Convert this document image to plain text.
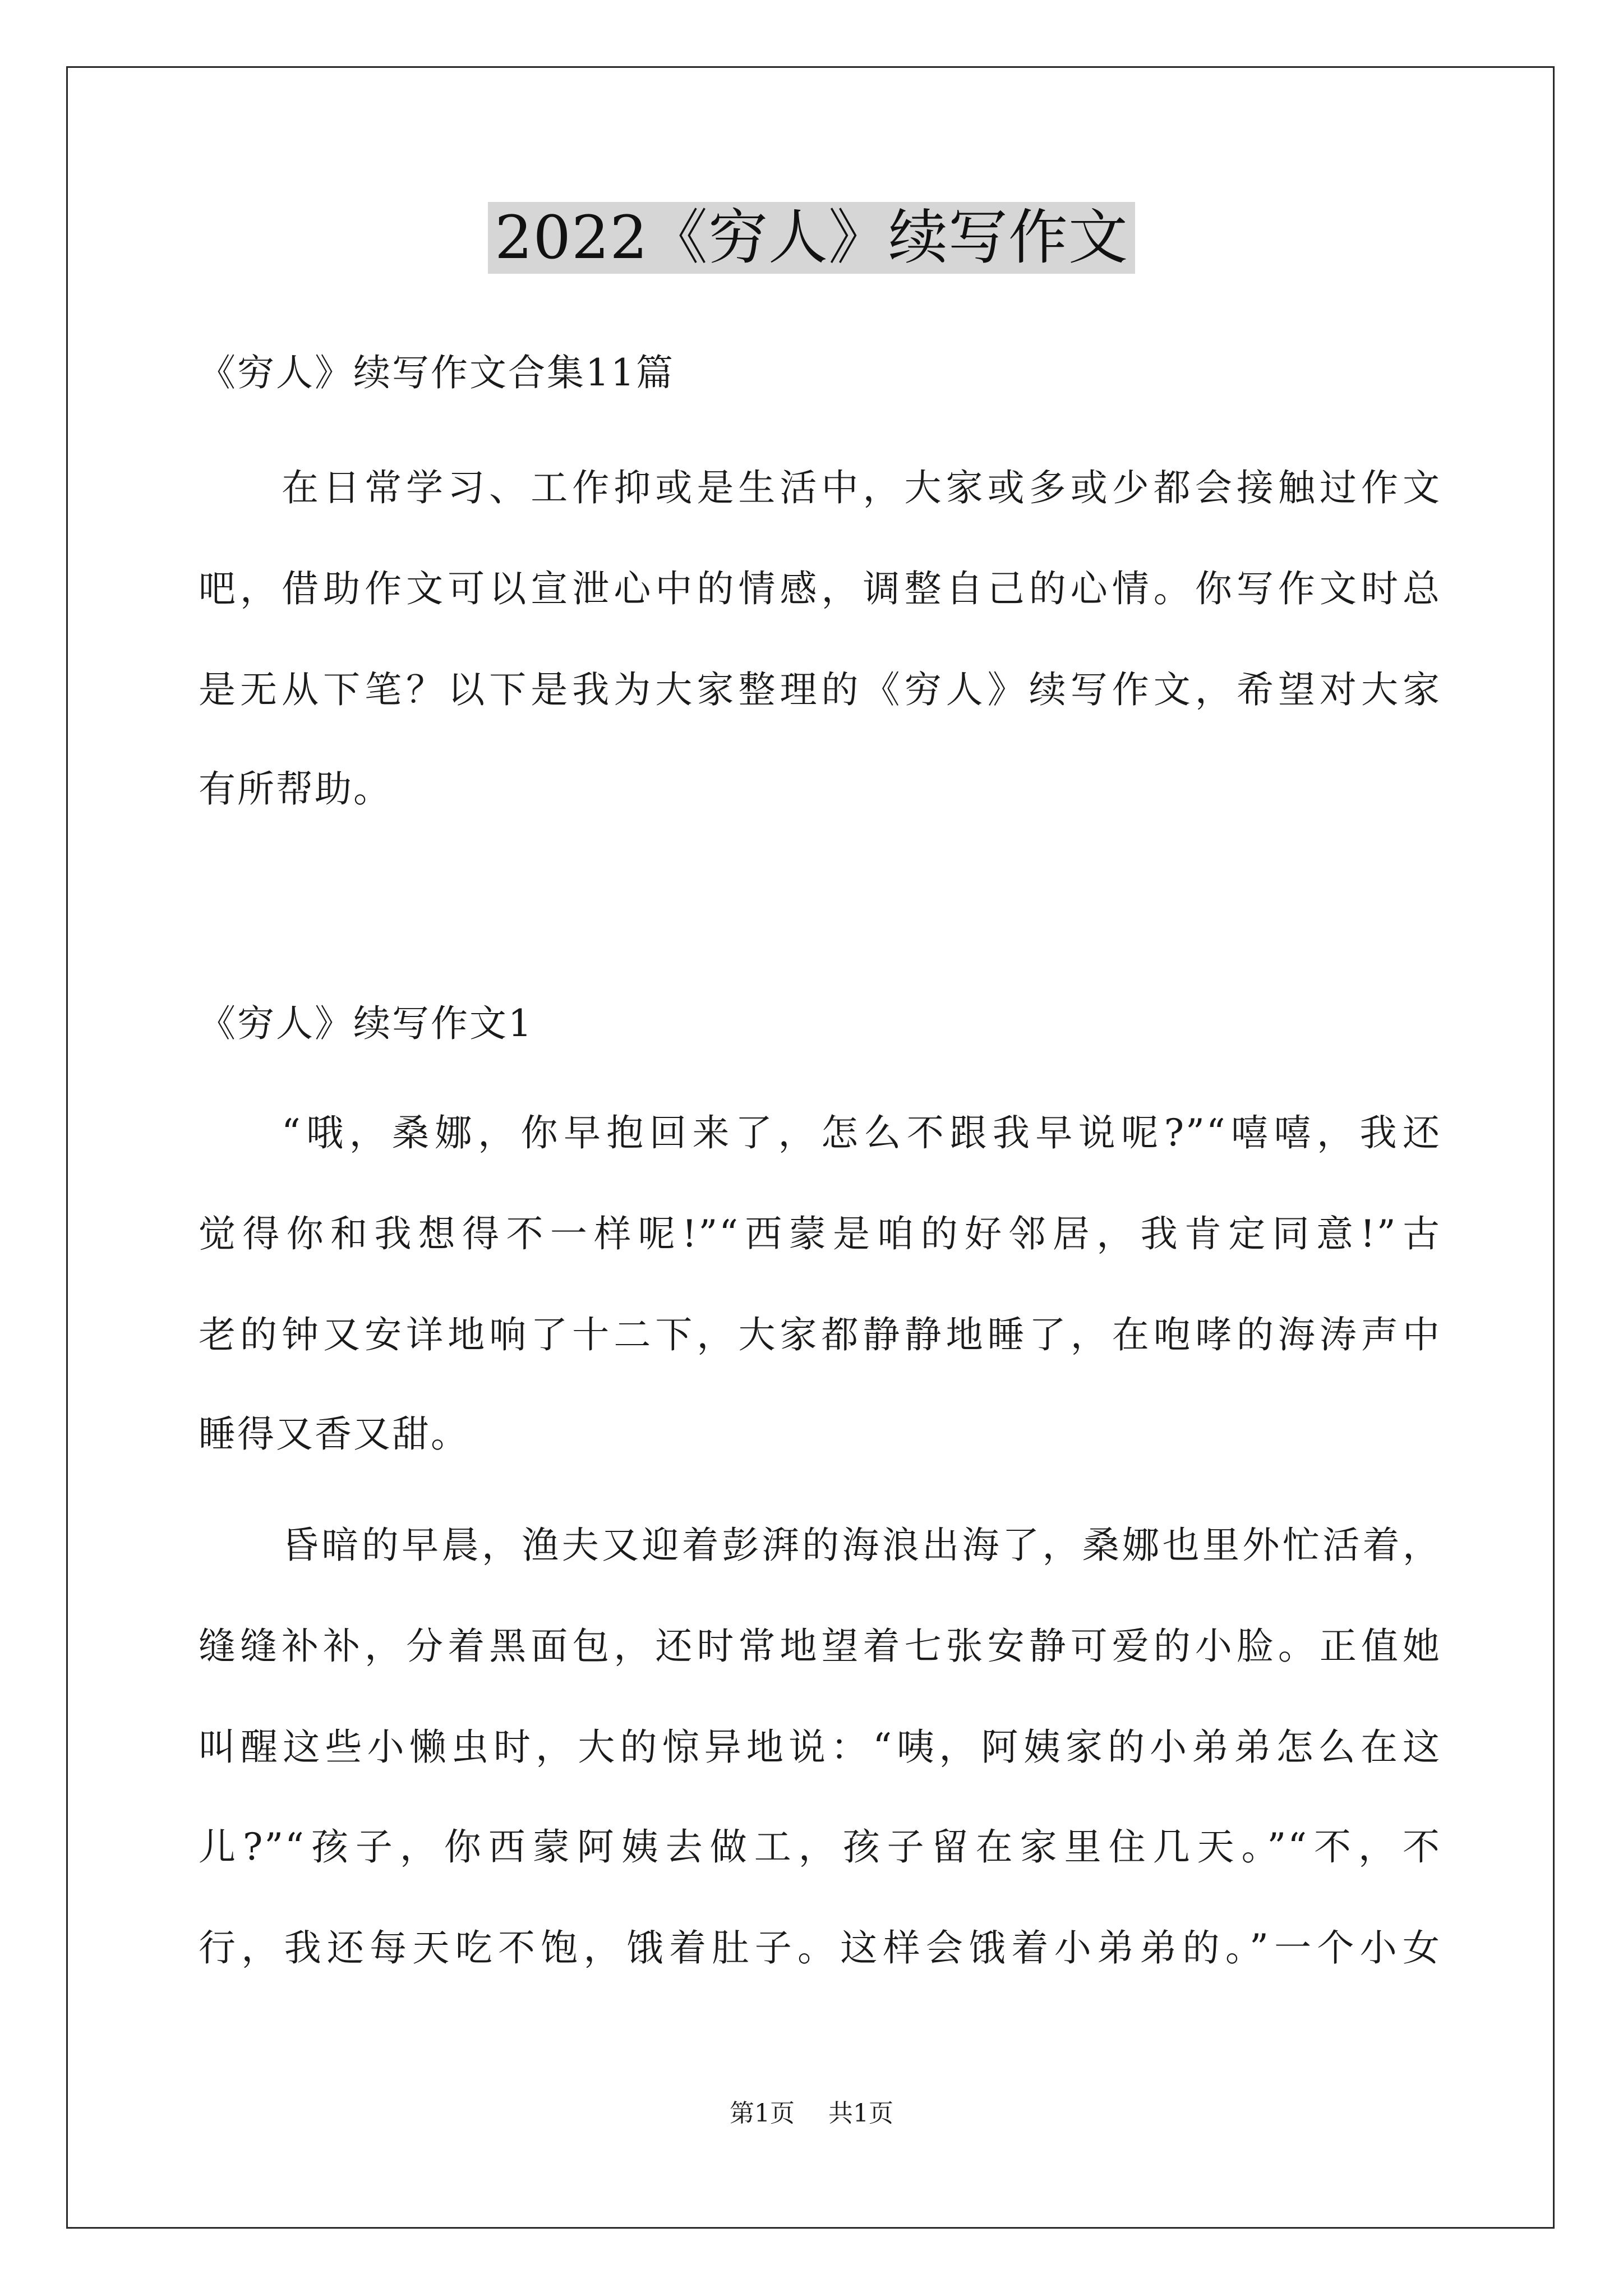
2022《穷人》续写作文
《穷人》续写作文合集11篇
在日常学习、工作抑或是生活中，大家或多或少都会接触过作文
吧，借助作文可以宣泄心中的情感，调整自己的心情。你写作文时总
是无从下笔？以下是我为大家整理的《穷人》续写作文，希望对大家
有所帮助。
《穷人》续写作文1
“哦，桑娜，你早抱回来了，怎么不跟我早说呢?”“嘻嘻，我还
觉得你和我想得不一样呢!”“西蒙是咱的好邻居，我肯定同意!”古
老的钟又安详地响了十二下，大家都静静地睡了，在咆哮的海涛声中
睡得又香又甜。
昏暗的早晨，渔夫又迎着彭湃的海浪出海了，桑娜也里外忙活着，
缝缝补补，分着黑面包，还时常地望着七张安静可爱的小脸。正值她
叫醒这些小懒虫时，大的惊异地说：“咦，阿姨家的小弟弟怎么在这
儿?”“孩子，你西蒙阿姨去做工，孩子留在家里住几天。”“不，不
行，我还每天吃不饱，饿着肚子。这样会饿着小弟弟的。”一个小女
第1页 共1页
